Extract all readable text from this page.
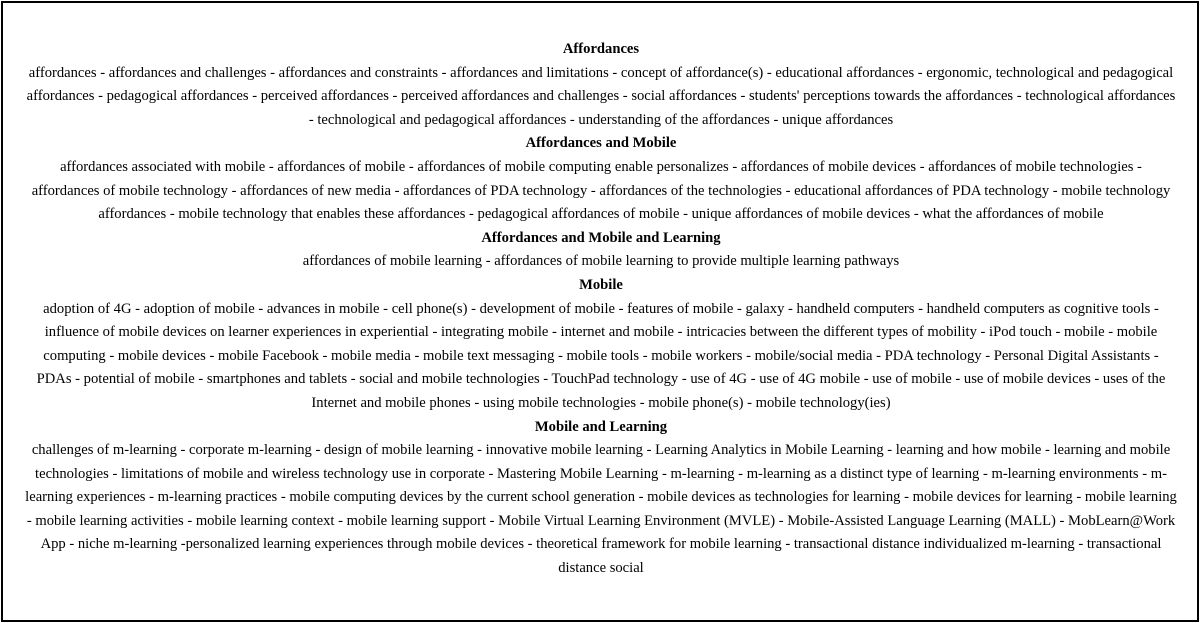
Affordances
affordances - affordances and challenges - affordances and constraints - affordances and limitations - concept of affordance(s) - educational affordances - ergonomic, technological and pedagogical affordances - pedagogical affordances - perceived affordances - perceived affordances and challenges - social affordances - students' perceptions towards the affordances - technological affordances - technological and pedagogical affordances - understanding of the affordances - unique affordances
Affordances and Mobile
affordances associated with mobile - affordances of mobile - affordances of mobile computing enable personalizes - affordances of mobile devices - affordances of mobile technologies - affordances of mobile technology - affordances of new media - affordances of PDA technology - affordances of the technologies - educational affordances of PDA technology - mobile technology affordances - mobile technology that enables these affordances - pedagogical affordances of mobile - unique affordances of mobile devices - what the affordances of mobile
Affordances and Mobile and Learning
affordances of mobile learning - affordances of mobile learning to provide multiple learning pathways
Mobile
adoption of 4G - adoption of mobile - advances in mobile - cell phone(s) - development of mobile - features of mobile - galaxy - handheld computers - handheld computers as cognitive tools - influence of mobile devices on learner experiences in experiential - integrating mobile - internet and mobile - intricacies between the different types of mobility - iPod touch - mobile - mobile computing - mobile devices - mobile Facebook - mobile media - mobile text messaging - mobile tools - mobile workers - mobile/social media - PDA technology - Personal Digital Assistants - PDAs - potential of mobile - smartphones and tablets - social and mobile technologies - TouchPad technology - use of 4G - use of 4G mobile - use of mobile - use of mobile devices - uses of the Internet and mobile phones - using mobile technologies - mobile phone(s) - mobile technology(ies)
Mobile and Learning
challenges of m-learning - corporate m-learning - design of mobile learning - innovative mobile learning - Learning Analytics in Mobile Learning - learning and how mobile - learning and mobile technologies - limitations of mobile and wireless technology use in corporate - Mastering Mobile Learning - m-learning - m-learning as a distinct type of learning - m-learning environments - m-learning experiences - m-learning practices - mobile computing devices by the current school generation - mobile devices as technologies for learning - mobile devices for learning - mobile learning - mobile learning activities - mobile learning context - mobile learning support - Mobile Virtual Learning Environment (MVLE) - Mobile-Assisted Language Learning (MALL) - MobLearn@Work App - niche m-learning -personalized learning experiences through mobile devices - theoretical framework for mobile learning - transactional distance individualized m-learning - transactional distance social
